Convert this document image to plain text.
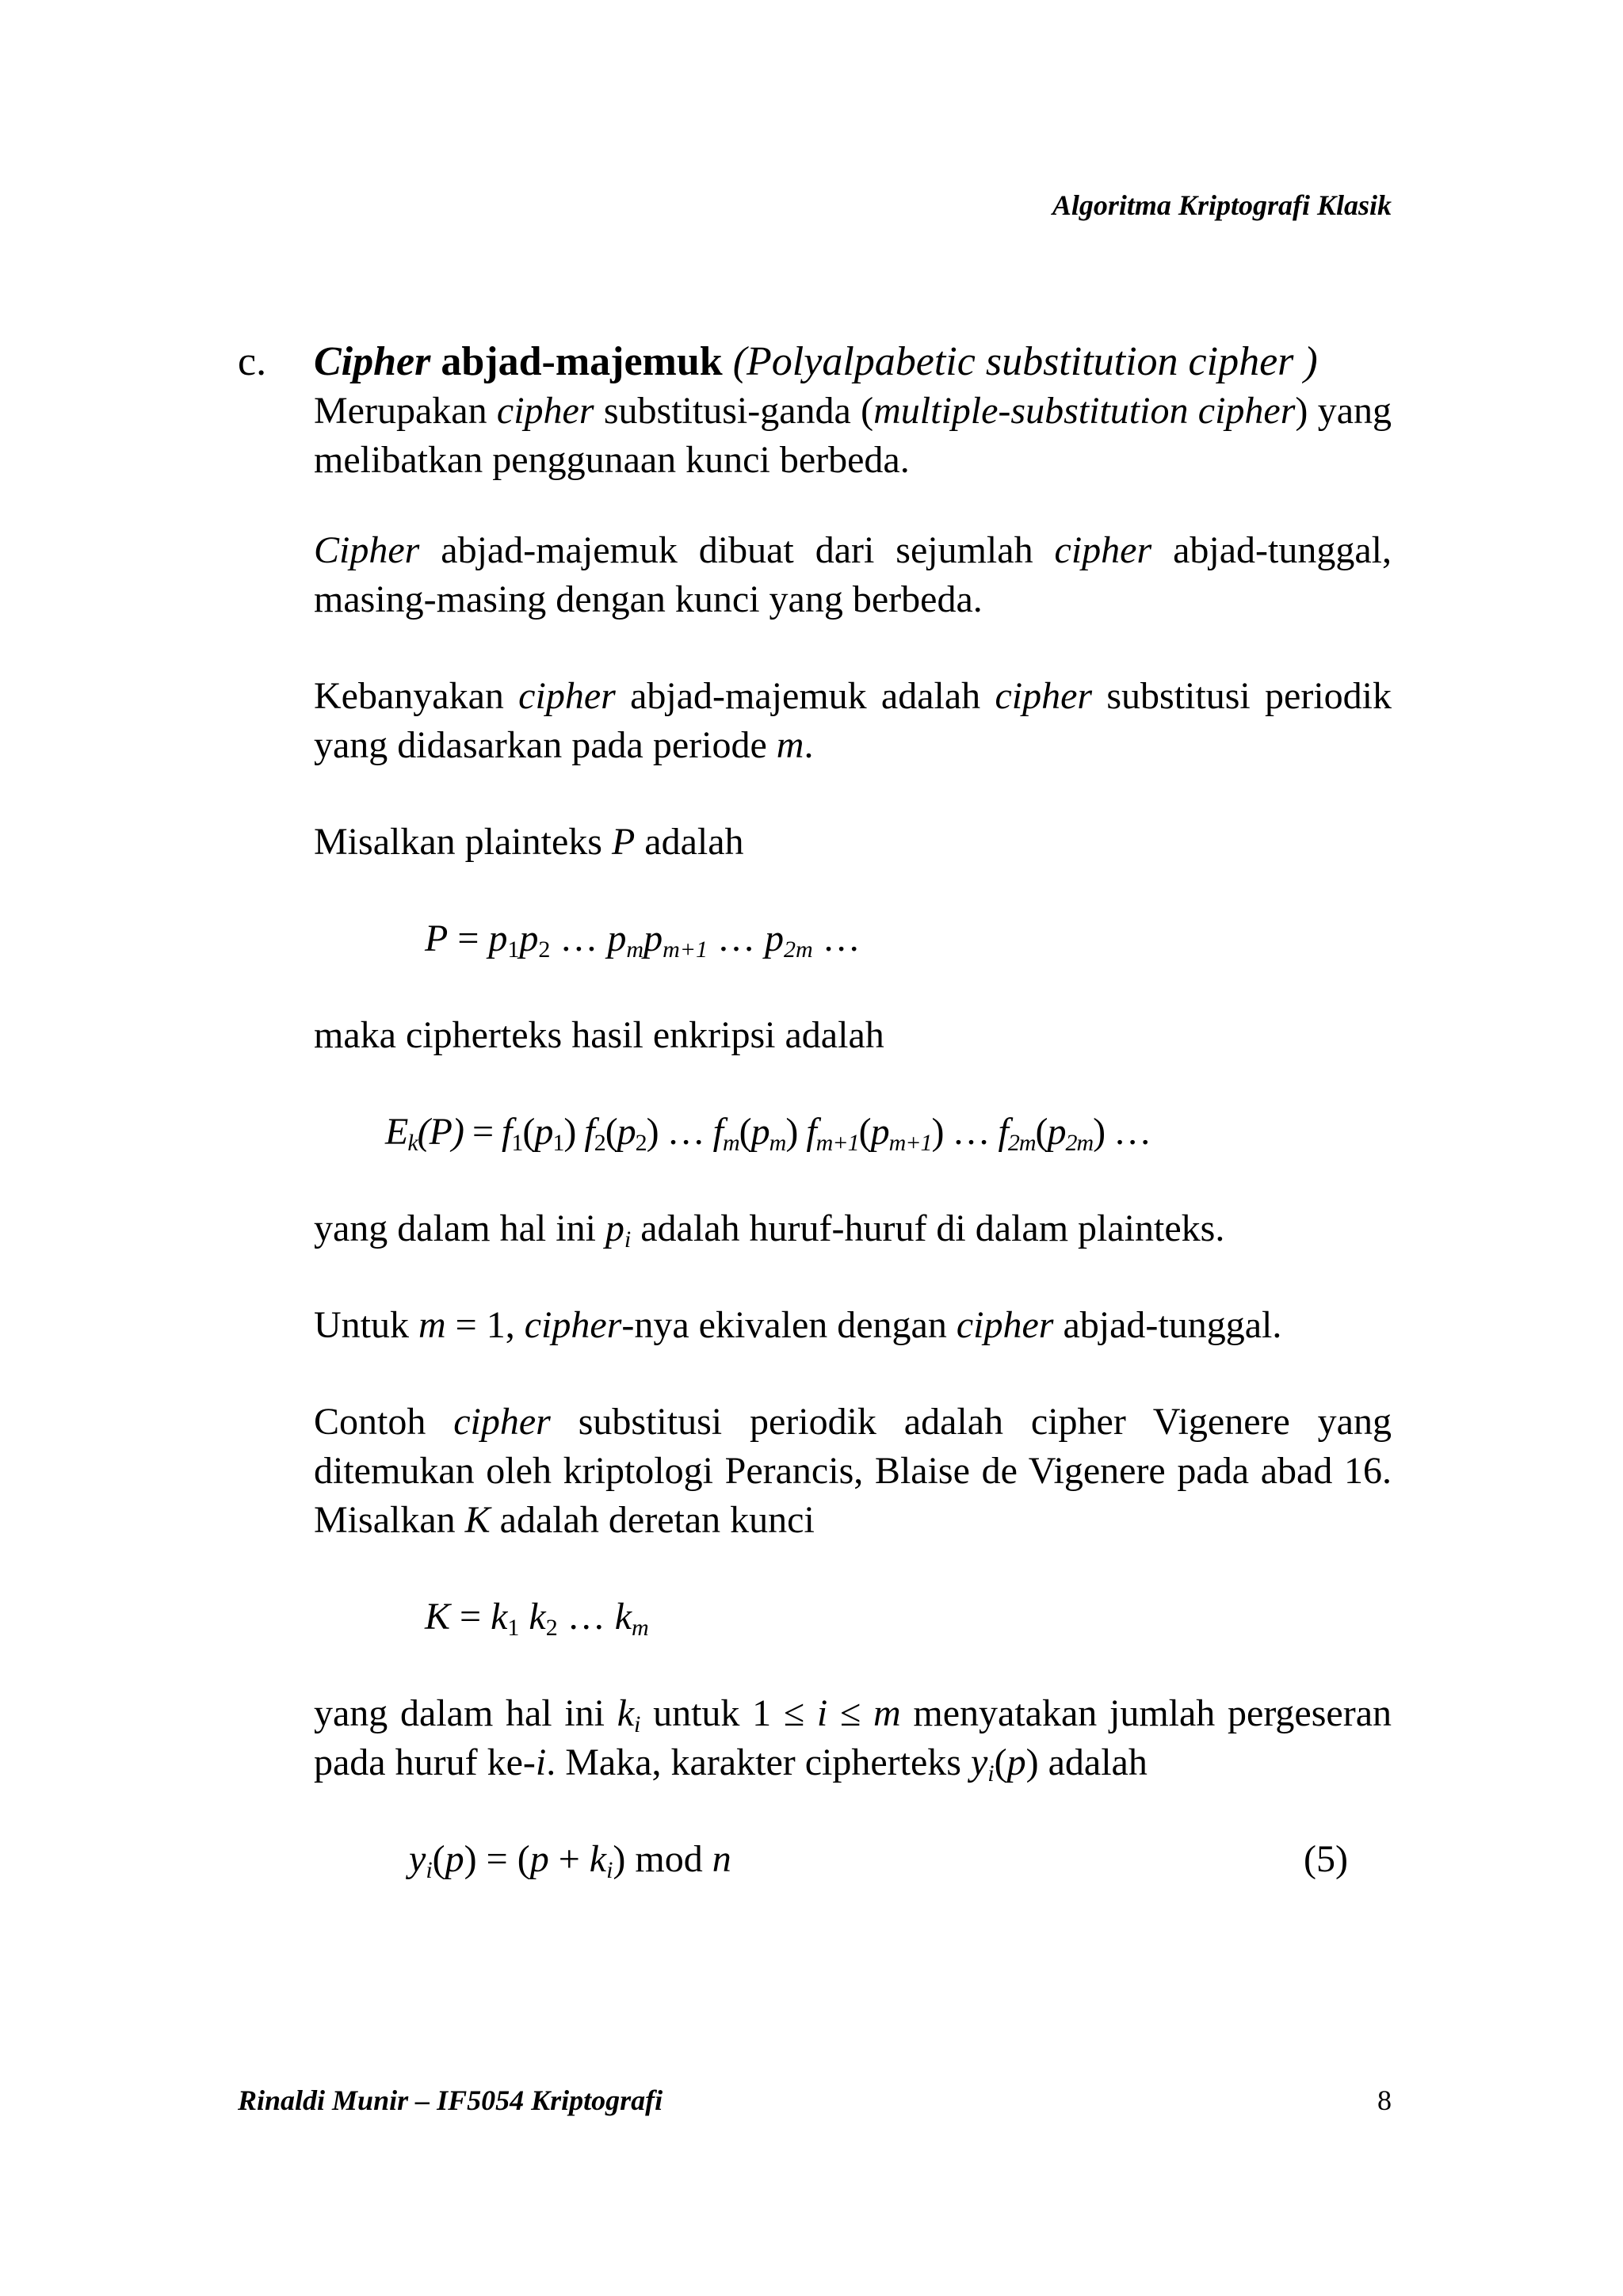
Algoritma Kriptografi Klasik
c.	Cipher abjad-majemuk (Polyalpabetic substitution cipher )

Merupakan cipher substitusi-ganda (multiple-substitution cipher) yang melibatkan penggunaan kunci berbeda.

Cipher abjad-majemuk dibuat dari sejumlah cipher abjad-tunggal, masing-masing dengan kunci yang berbeda.

Kebanyakan cipher abjad-majemuk adalah cipher substitusi periodik yang didasarkan pada periode m.

Misalkan plainteks P adalah

$P = p_1p_2$ … $p_mp_{m+1}$ … $p_{2m}$ …

maka cipherteks hasil enkripsi adalah

$E_k(P) = f_1(p_1)$ $f_2(p_2)$ … $f_m(p_m)$ $f_{m+1}(p_{m+1})$ … $f_{2m}(p_{2m})$ …

yang dalam hal ini $p_i$ adalah huruf-huruf di dalam plainteks.

Untuk m = 1, cipher-nya ekivalen dengan cipher abjad-tunggal.

Contoh cipher substitusi periodik adalah cipher Vigenere yang ditemukan oleh kriptologi Perancis, Blaise de Vigenere pada abad 16. Misalkan K adalah deretan kunci

$K = k_1$ $k_2$ … $k_m$

yang dalam hal ini $k_i$ untuk 1 ≤ i ≤ m menyatakan jumlah pergeseran pada huruf ke-i. Maka, karakter cipherteks $y_i(p)$ adalah

$y_i(p) = (p + k_i)$ mod n	(5)
Rinaldi Munir – IF5054 Kriptografi	8
